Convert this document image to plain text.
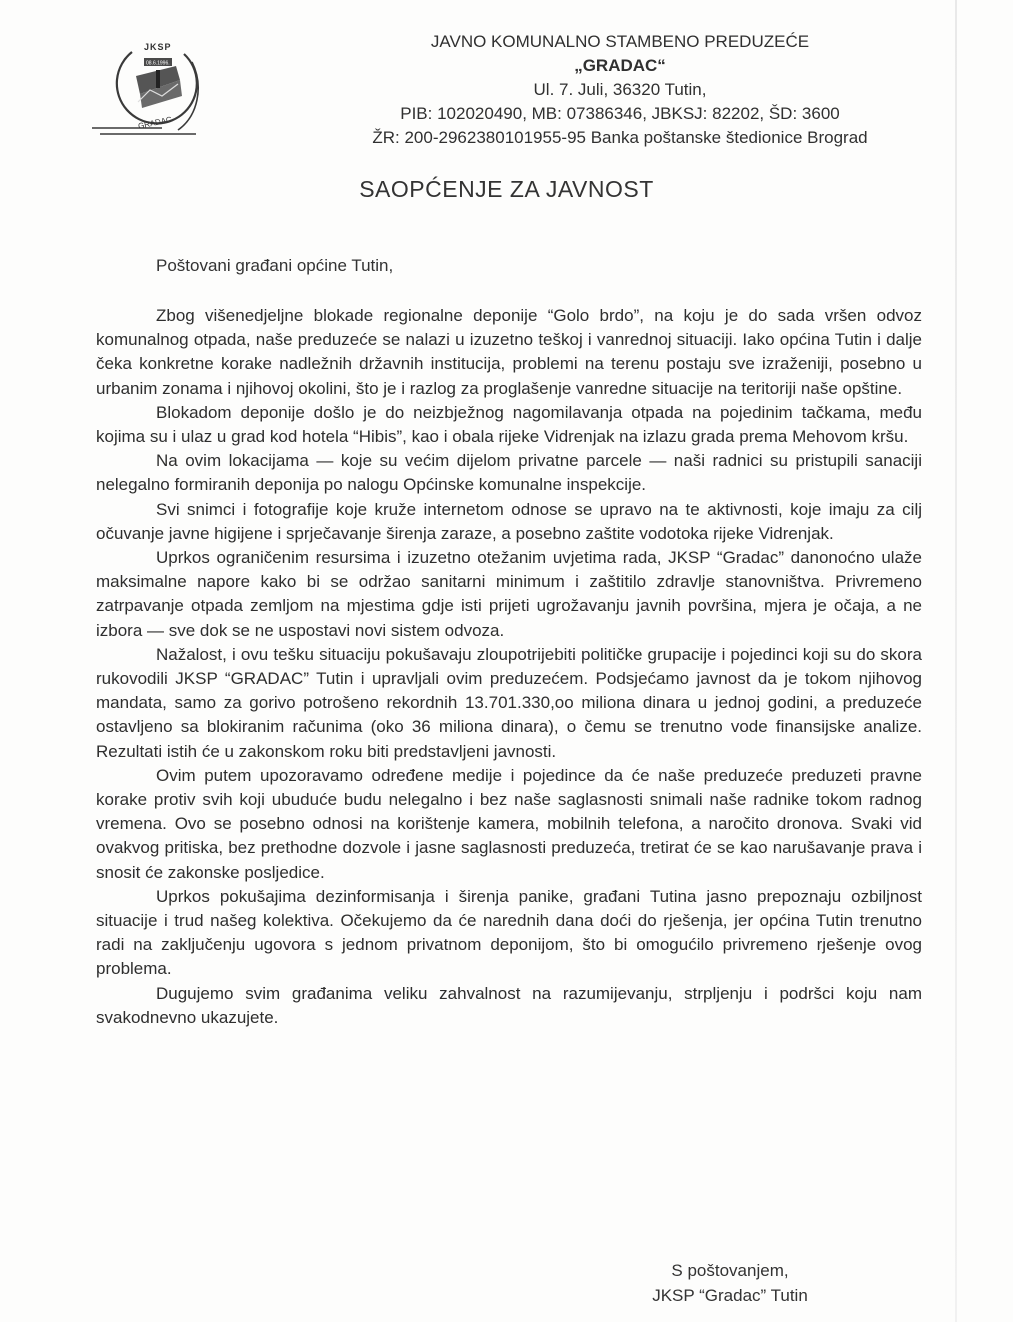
JKSP
08.6.1996.
GRADAC
JAVNO KOMUNALNO STAMBENO PREDUZEĆE
„GRADAC“
Ul. 7. Juli, 36320 Tutin,
PIB: 102020490, MB: 07386346, JBKSJ: 82202, ŠD: 3600
ŽR: 200-2962380101955-95 Banka poštanske štedionice Brograd
SAOPĆENJE ZA JAVNOST
Poštovani građani općine Tutin,

Zbog višenedjeljne blokade regionalne deponije “Golo brdo”, na koju je do sada vršen odvoz komunalnog otpada, naše preduzeće se nalazi u izuzetno teškoj i vanrednoj situaciji. Iako općina Tutin i dalje čeka konkretne korake nadležnih državnih institucija, problemi na terenu postaju sve izraženiji, posebno u urbanim zonama i njihovoj okolini, što je i razlog za proglašenje vanredne situacije na teritoriji naše opštine.

Blokadom deponije došlo je do neizbježnog nagomilavanja otpada na pojedinim tačkama, među kojima su i ulaz u grad kod hotela “Hibis”, kao i obala rijeke Vidrenjak na izlazu grada prema Mehovom kršu.

Na ovim lokacijama — koje su većim dijelom privatne parcele — naši radnici su pristupili sanaciji nelegalno formiranih deponija po nalogu Općinske komunalne inspekcije.

Svi snimci i fotografije koje kruže internetom odnose se upravo na te aktivnosti, koje imaju za cilj očuvanje javne higijene i sprječavanje širenja zaraze, a posebno zaštite vodotoka rijeke Vidrenjak.

Uprkos ograničenim resursima i izuzetno otežanim uvjetima rada, JKSP “Gradac” danonoćno ulaže maksimalne napore kako bi se održao sanitarni minimum i zaštitilo zdravlje stanovništva. Privremeno zatrpavanje otpada zemljom na mjestima gdje isti prijeti ugrožavanju javnih površina, mjera je očaja, a ne izbora — sve dok se ne uspostavi novi sistem odvoza.

Nažalost, i ovu tešku situaciju pokušavaju zloupotrijebiti političke grupacije i pojedinci koji su do skora rukovodili JKSP “GRADAC” Tutin i upravljali ovim preduzećem. Podsjećamo javnost da je tokom njihovog mandata, samo za gorivo potrošeno rekordnih 13.701.330,oo miliona dinara u jednoj godini, a preduzeće ostavljeno sa blokiranim računima (oko 36 miliona dinara), o čemu se trenutno vode finansijske analize. Rezultati istih će u zakonskom roku biti predstavljeni javnosti.

Ovim putem upozoravamo određene medije i pojedince da će naše preduzeće preduzeti pravne korake protiv svih koji ubuduće budu nelegalno i bez naše saglasnosti snimali naše radnike tokom radnog vremena. Ovo se posebno odnosi na korištenje kamera, mobilnih telefona, a naročito dronova. Svaki vid ovakvog pritiska, bez prethodne dozvole i jasne saglasnosti preduzeća, tretirat će se kao narušavanje prava i snosit će zakonske posljedice.

Uprkos pokušajima dezinformisanja i širenja panike, građani Tutina jasno prepoznaju ozbiljnost situacije i trud našeg kolektiva. Očekujemo da će narednih dana doći do rješenja, jer općina Tutin trenutno radi na zaključenju ugovora s jednom privatnom deponijom, što bi omogućilo privremeno rješenje ovog problema.

Dugujemo svim građanima veliku zahvalnost na razumijevanju, strpljenju i podršci koju nam svakodnevno ukazujete.

S poštovanjem,
JKSP “Gradac” Tutin
